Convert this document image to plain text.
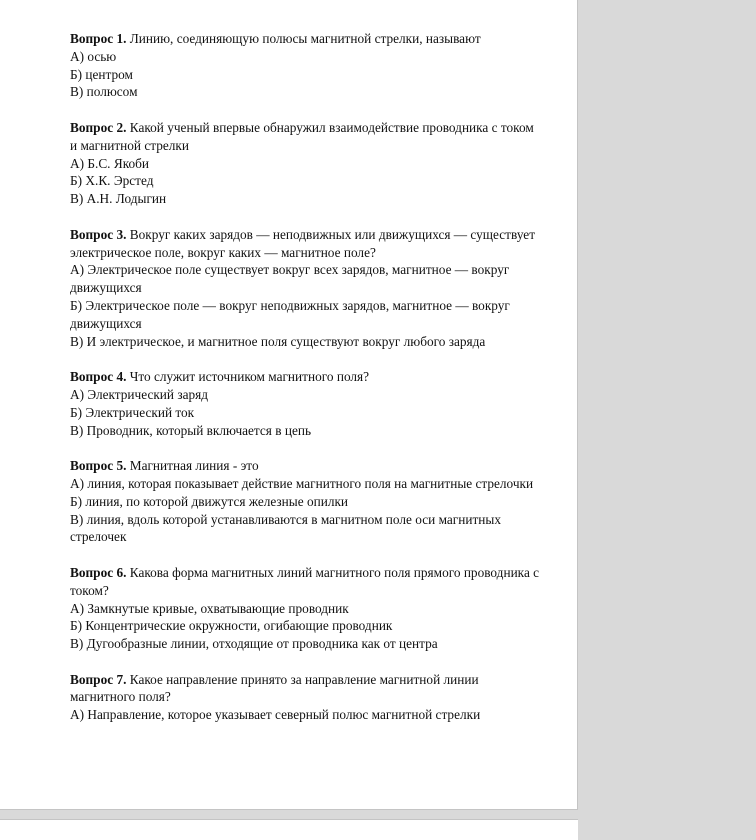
Вопрос 1. Линию, соединяющую полюсы магнитной стрелки, называют

А) осью

Б) центром

В) полюсом

Вопрос 2. Какой ученый впервые обнаружил взаимодействие проводника с током и магнитной стрелки

А) Б.С. Якоби

Б) Х.К. Эрстед

В) А.Н. Лодыгин

Вопрос 3. Вокруг каких зарядов — неподвижных или движущихся — существует электрическое поле, вокруг каких — магнитное поле?

А) Электрическое поле существует вокруг всех зарядов, магнитное — вокруг движущихся

Б) Электрическое поле — вокруг неподвижных зарядов, магнитное — вокруг движущихся

В) И электрическое, и магнитное поля существуют вокруг любого заряда

Вопрос 4. Что служит источником магнитного поля?

А) Электрический заряд

Б) Электрический ток

В) Проводник, который включается в цепь

Вопрос 5. Магнитная линия - это

А) линия, которая показывает действие магнитного поля на магнитные стрелочки

Б) линия, по которой движутся железные опилки

В) линия, вдоль которой устанавливаются в магнитном поле оси магнитных стрелочек

Вопрос 6. Какова форма магнитных линий магнитного поля прямого проводника с током?

А) Замкнутые кривые, охватывающие проводник

Б) Концентрические окружности, огибающие проводник

В) Дугообразные линии, отходящие от проводника как от центра

Вопрос 7. Какое направление принято за направление магнитной линии магнитного поля?

А) Направление, которое указывает северный полюс магнитной стрелки
